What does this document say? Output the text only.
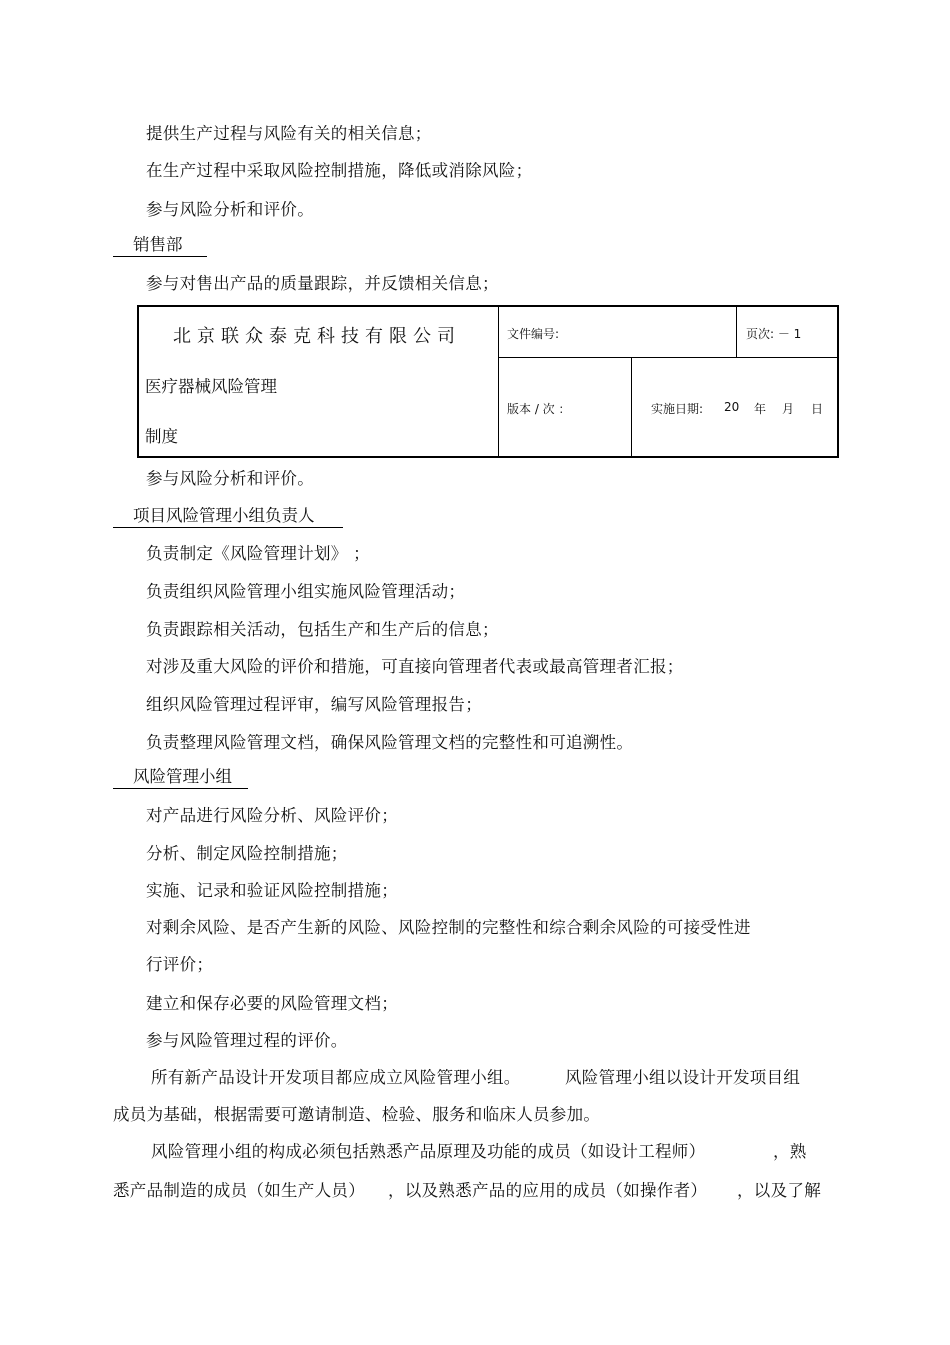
提供生产过程与风险有关的相关信息；
在生产过程中采取风险控制措施，降低或消除风险；
参与风险分析和评价。
销售部
参与对售出产品的质量跟踪，并反馈相关信息；
北京联众泰克科技有限公司	文件编号:	页次: － 1
医疗器械风险管理
制度
版本 / 次 ：	实施日期: 20 年 月 日
参与风险分析和评价。
项目风险管理小组负责人
负责制定《风险管理计划》 ；
负责组织风险管理小组实施风险管理活动；
负责跟踪相关活动，包括生产和生产后的信息；
对涉及重大风险的评价和措施，可直接向管理者代表或最高管理者汇报；
组织风险管理过程评审，编写风险管理报告；
负责整理风险管理文档，确保风险管理文档的完整性和可追溯性。
风险管理小组
对产品进行风险分析、风险评价；
分析、制定风险控制措施；
实施、记录和验证风险控制措施；
对剩余风险、是否产生新的风险、风险控制的完整性和综合剩余风险的可接受性进
行评价；
建立和保存必要的风险管理文档；
参与风险管理过程的评价。
所有新产品设计开发项目都应成立风险管理小组。	风险管理小组以设计开发项目组
成员为基础，根据需要可邀请制造、检验、服务和临床人员参加。
风险管理小组的构成必须包括熟悉产品原理及功能的成员（如设计工程师）	，熟
悉产品制造的成员（如生产人员） ，以及熟悉产品的应用的成员（如操作者） ，以及了解
